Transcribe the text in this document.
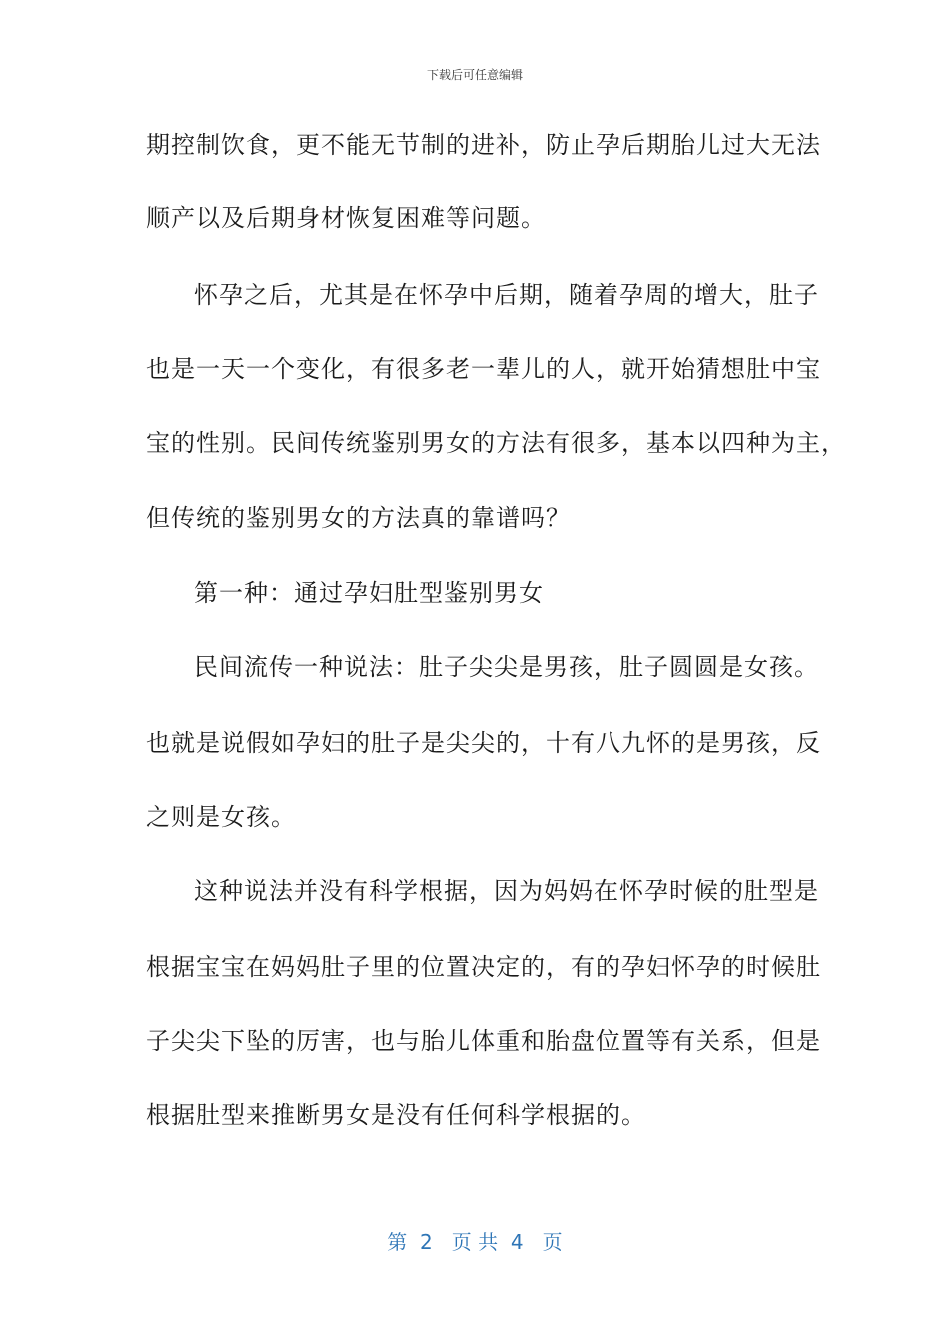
下载后可任意编辑
期控制饮食，更不能无节制的进补，防止孕后期胎儿过大无法
顺产以及后期身材恢复困难等问题。
怀孕之后，尤其是在怀孕中后期，随着孕周的增大，肚子
也是一天一个变化，有很多老一辈儿的人，就开始猜想肚中宝
宝的性别。民间传统鉴别男女的方法有很多，基本以四种为主，
但传统的鉴别男女的方法真的靠谱吗？
第一种：通过孕妇肚型鉴别男女
民间流传一种说法：肚子尖尖是男孩，肚子圆圆是女孩。
也就是说假如孕妇的肚子是尖尖的，十有八九怀的是男孩，反
之则是女孩。
这种说法并没有科学根据，因为妈妈在怀孕时候的肚型是
根据宝宝在妈妈肚子里的位置决定的，有的孕妇怀孕的时候肚
子尖尖下坠的厉害，也与胎儿体重和胎盘位置等有关系，但是
根据肚型来推断男女是没有任何科学根据的。
第  2   页 共  4   页
